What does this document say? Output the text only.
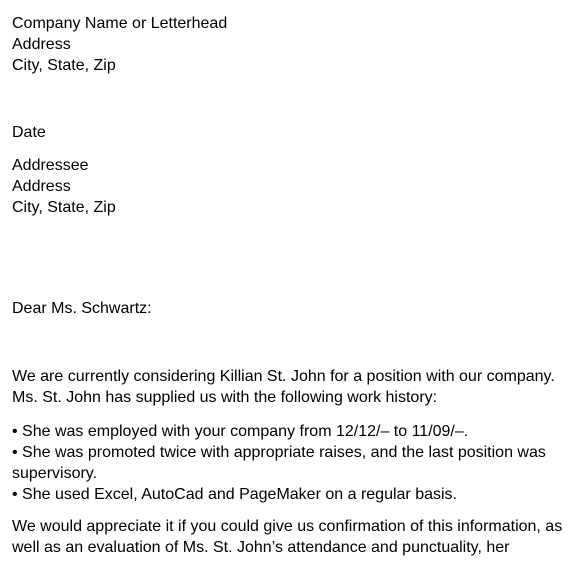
Company Name or Letterhead
Address
City, State, Zip
Date
Addressee
Address
City, State, Zip
Dear Ms. Schwartz:
We are currently considering Killian St. John for a position with our company.
Ms. St. John has supplied us with the following work history:
• She was employed with your company from 12/12/– to 11/09/–.
• She was promoted twice with appropriate raises, and the last position was
supervisory.
• She used Excel, AutoCad and PageMaker on a regular basis.
We would appreciate it if you could give us confirmation of this information, as
well as an evaluation of Ms. St. John’s attendance and punctuality, her
